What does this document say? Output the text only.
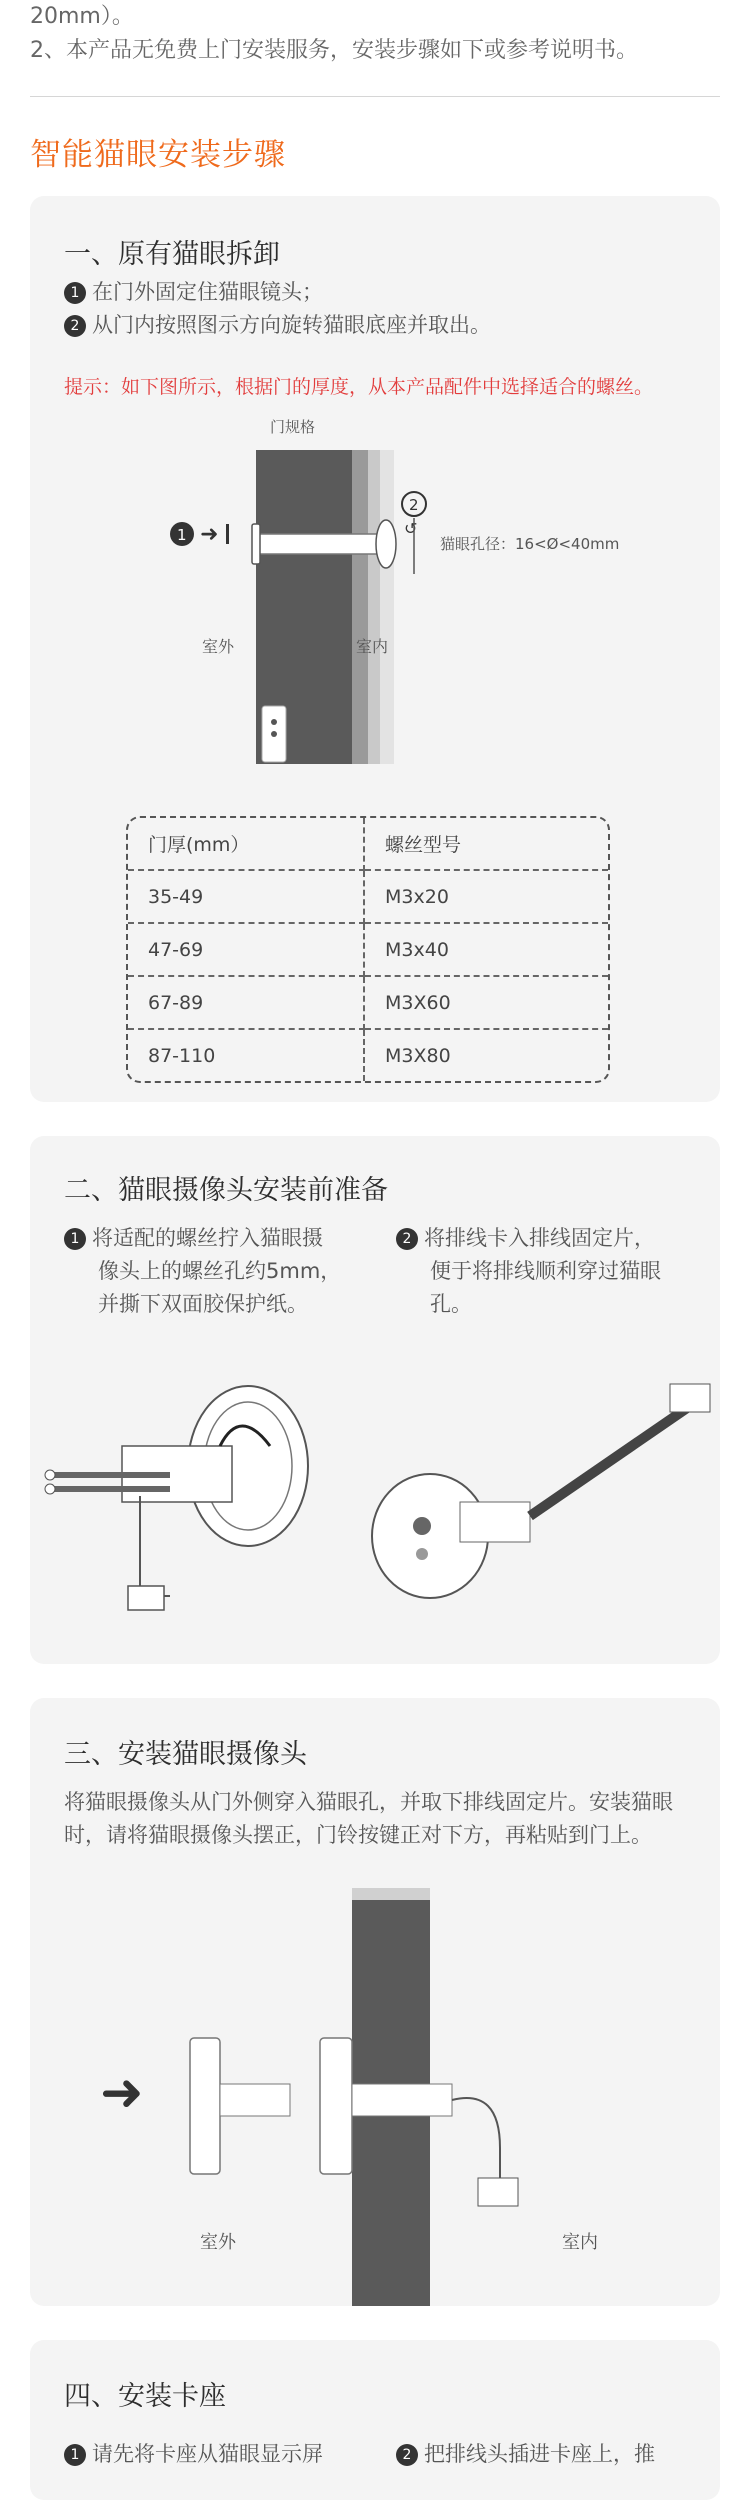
20mm）。
2、本产品无免费上门安装服务，安装步骤如下或参考说明书。
智能猫眼安装步骤
一、原有猫眼拆卸
1 在门外固定住猫眼镜头；
2 从门内按照图示方向旋转猫眼底座并取出。
提示：如下图所示，根据门的厚度，从本产品配件中选择适合的螺丝。
门规格
1 ➜
2
↺
猫眼孔径：16<Ø<40mm
室外	室内
门厚(mm）	螺丝型号
35-49	M3x20
47-69	M3x40
67-89	M3X60
87-110	M3X80
二、猫眼摄像头安装前准备
1 将适配的螺丝拧入猫眼摄
像头上的螺丝孔约5mm，
并撕下双面胶保护纸。
2 将排线卡入排线固定片，
便于将排线顺利穿过猫眼
孔。
三、安装猫眼摄像头
将猫眼摄像头从门外侧穿入猫眼孔，并取下排线固定片。安装猫眼时，请将猫眼摄像头摆正，门铃按键正对下方，再粘贴到门上。
➜
室外	室内
四、安装卡座
1 请先将卡座从猫眼显示屏	2 把排线头插进卡座上，推
